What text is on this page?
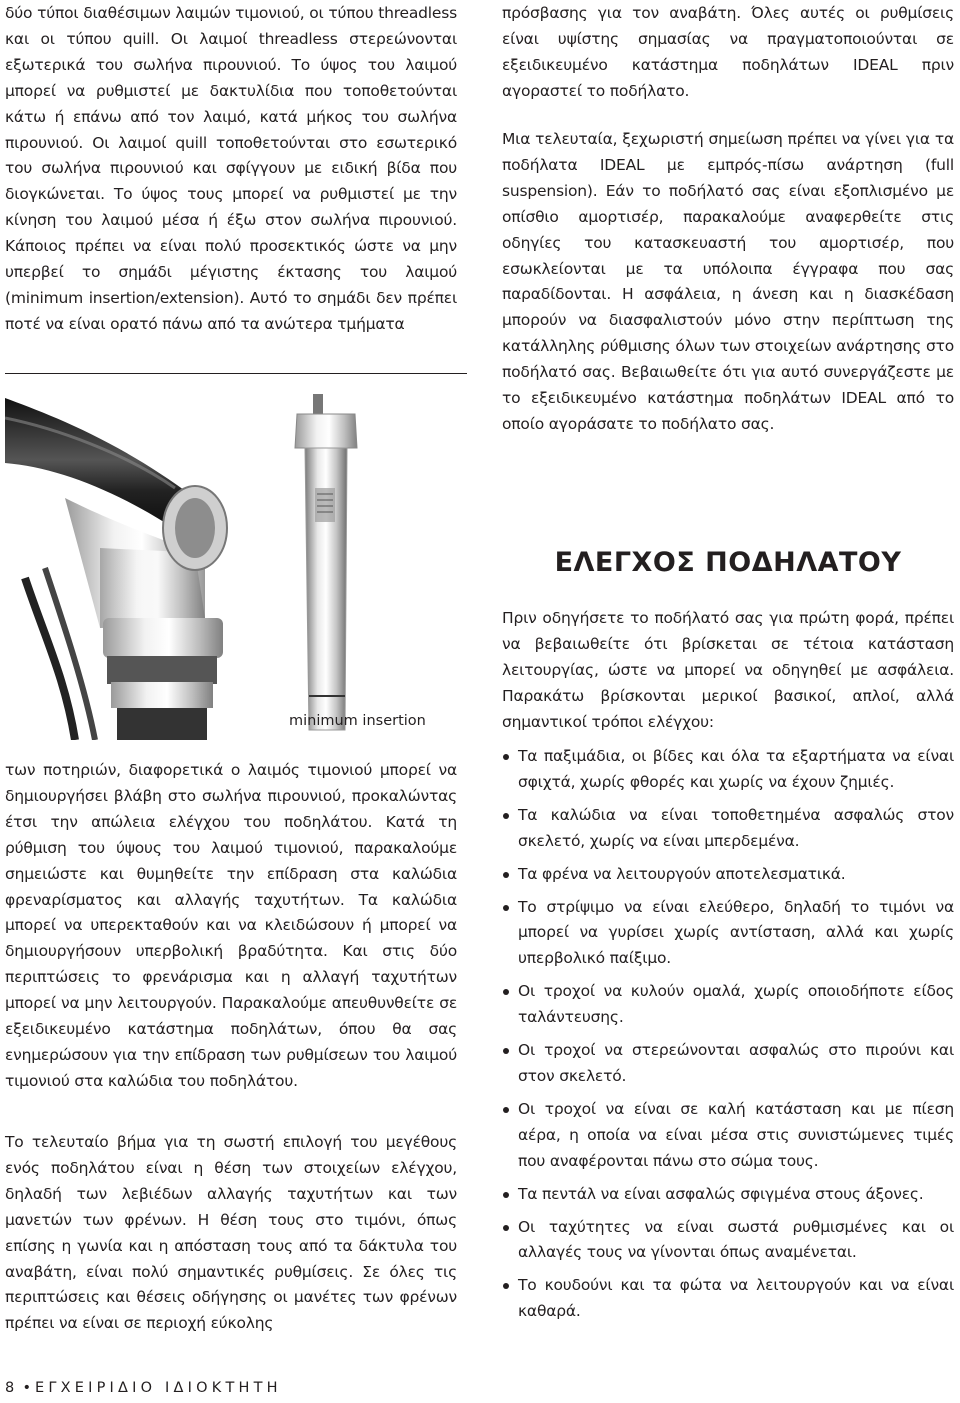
δύο τύποι διαθέσιμων λαιμών τιμονιού, οι τύπου threadless και οι τύπου quill. Οι λαιμοί threadless στερεώνονται εξωτερικά του σωλήνα πιρουνιού. Το ύψος του λαιμού μπορεί να ρυθμιστεί με δακτυλίδια που τοποθετούνται κάτω ή επάνω από τον λαιμό, κατά μήκος του σωλήνα πιρουνιού. Οι λαιμοί quill τοποθετούνται στο εσωτερικό του σωλήνα πιρουνιού και σφίγγουν με ειδική βίδα που διογκώνεται. Το ύψος τους μπορεί να ρυθμιστεί με την κίνηση του λαιμού μέσα ή έξω στον σωλήνα πιρουνιού. Κάποιος πρέπει να είναι πολύ προσεκτικός ώστε να μην υπερβεί το σημάδι μέγιστης έκτασης του λαιμού (minimum insertion/extension). Αυτό το σημάδι δεν πρέπει ποτέ να είναι ορατό πάνω από τα ανώτερα τμήματα

minimum insertion

των ποτηριών, διαφορετικά ο λαιμός τιμονιού μπορεί να δημιουργήσει βλάβη στο σωλήνα πιρουνιού, προκαλώντας έτσι την απώλεια ελέγχου του ποδηλάτου. Κατά τη ρύθμιση του ύψους του λαιμού τιμονιού, παρακαλούμε σημειώστε και θυμηθείτε την επίδραση στα καλώδια φρεναρίσματος και αλλαγής ταχυτήτων. Τα καλώδια μπορεί να υπερεκταθούν και να κλειδώσουν ή μπορεί να δημιουργήσουν υπερβολική βραδύτητα. Και στις δύο περιπτώσεις το φρενάρισμα και η αλλαγή ταχυτήτων μπορεί να μην λειτουργούν. Παρακαλούμε απευθυνθείτε σε εξειδικευμένο κατάστημα ποδηλάτων, όπου θα σας ενημερώσουν για την επίδραση των ρυθμίσεων του λαιμού τιμονιού στα καλώδια του ποδηλάτου.

Το τελευταίο βήμα για τη σωστή επιλογή του μεγέθους ενός ποδηλάτου είναι η θέση των στοιχείων ελέγχου, δηλαδή των λεβιέδων αλλαγής ταχυτήτων και των μανετών των φρένων. Η θέση τους στο τιμόνι, όπως επίσης η γωνία και η απόσταση τους από τα δάκτυλα του αναβάτη, είναι πολύ σημαντικές ρυθμίσεις. Σε όλες τις περιπτώσεις και θέσεις οδήγησης οι μανέτες των φρένων πρέπει να είναι σε περιοχή εύκολης

8 • ΕΓΧΕΙΡΙΔΙΟ ΙΔΙΟΚΤΗΤΗ

πρόσβασης για τον αναβάτη. Όλες αυτές οι ρυθμίσεις είναι υψίστης σημασίας να πραγματοποιούνται σε εξειδικευμένο κατάστημα ποδηλάτων IDEAL πριν αγοραστεί το ποδήλατο.

Μια τελευταία, ξεχωριστή σημείωση πρέπει να γίνει για τα ποδήλατα IDEAL με εμπρός-πίσω ανάρτηση (full suspension). Εάν το ποδήλατό σας είναι εξοπλισμένο με οπίσθιο αμορτισέρ, παρακαλούμε αναφερθείτε στις οδηγίες του κατασκευαστή του αμορτισέρ, που εσωκλείονται με τα υπόλοιπα έγγραφα που σας παραδίδονται. Η ασφάλεια, η άνεση και η διασκέδαση μπορούν να διασφαλιστούν μόνο στην περίπτωση της κατάλληλης ρύθμισης όλων των στοιχείων ανάρτησης στο ποδήλατό σας. Βεβαιωθείτε ότι για αυτό συνεργάζεστε με το εξειδικευμένο κατάστημα ποδηλάτων IDEAL από το οποίο αγοράσατε το ποδήλατο σας.

ΕΛΕΓΧΟΣ ΠΟΔΗΛΑΤΟΥ

Πριν οδηγήσετε το ποδήλατό σας για πρώτη φορά, πρέπει να βεβαιωθείτε ότι βρίσκεται σε τέτοια κατάσταση λειτουργίας, ώστε να μπορεί να οδηγηθεί με ασφάλεια. Παρακάτω βρίσκονται μερικοί βασικοί, απλοί, αλλά σημαντικοί τρόποι ελέγχου:

Τα παξιμάδια, οι βίδες και όλα τα εξαρτήματα να είναι σφιχτά, χωρίς φθορές και χωρίς να έχουν ζημιές.
Τα καλώδια να είναι τοποθετημένα ασφαλώς στον σκελετό, χωρίς να είναι μπερδεμένα.
Τα φρένα να λειτουργούν αποτελεσματικά.
Το στρίψιμο να είναι ελεύθερο, δηλαδή το τιμόνι να μπορεί να γυρίσει χωρίς αντίσταση, αλλά και χωρίς υπερβολικό παίξιμο.
Οι τροχοί να κυλούν ομαλά, χωρίς οποιοδήποτε είδος ταλάντευσης.
Οι τροχοί να στερεώνονται ασφαλώς στο πιρούνι και στον σκελετό.
Οι τροχοί να είναι σε καλή κατάσταση και με πίεση αέρα, η οποία να είναι μέσα στις συνιστώμενες τιμές που αναφέρονται πάνω στο σώμα τους.
Τα πεντάλ να είναι ασφαλώς σφιγμένα στους άξονες.
Οι ταχύτητες να είναι σωστά ρυθμισμένες και οι αλλαγές τους να γίνονται όπως αναμένεται.
Το κουδούνι και τα φώτα να λειτουργούν και να είναι καθαρά.
